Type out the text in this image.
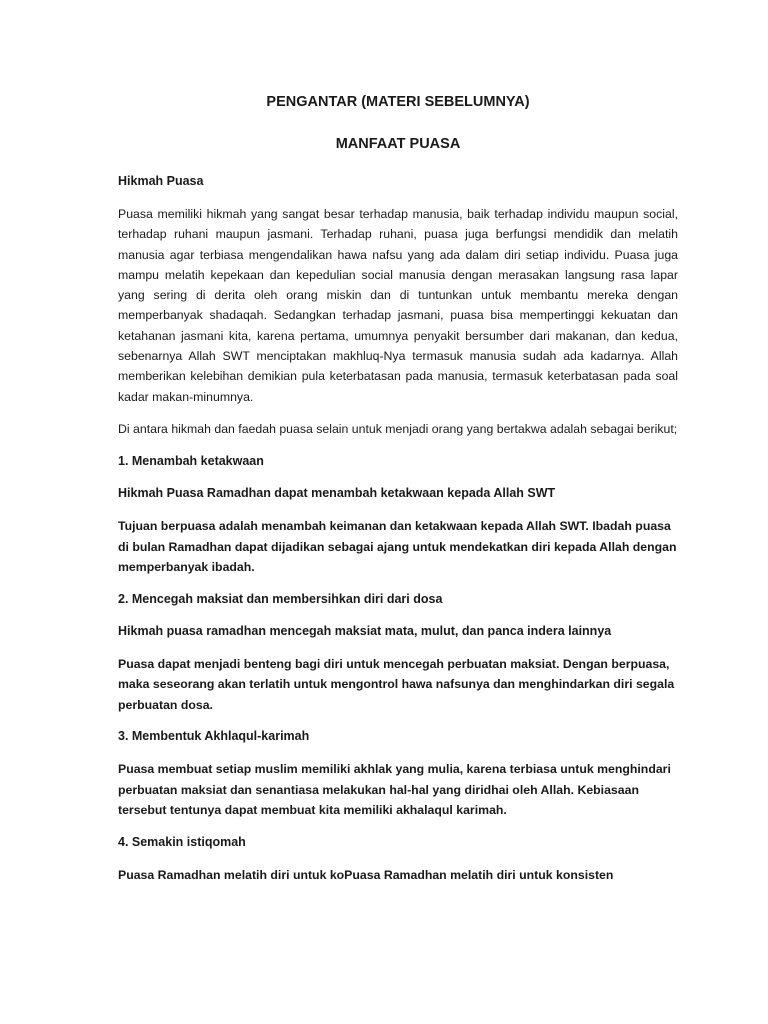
PENGANTAR (MATERI SEBELUMNYA)
MANFAAT PUASA

Hikmah Puasa

Puasa memiliki hikmah yang sangat besar terhadap manusia, baik terhadap individu maupun social, terhadap ruhani maupun jasmani. Terhadap ruhani, puasa juga berfungsi mendidik dan melatih manusia agar terbiasa mengendalikan hawa nafsu yang ada dalam diri setiap individu. Puasa juga mampu melatih kepekaan dan kepedulian social manusia dengan merasakan langsung rasa lapar yang sering di derita oleh orang miskin dan di tuntunkan untuk membantu mereka dengan memperbanyak shadaqah. Sedangkan terhadap jasmani, puasa bisa mempertinggi kekuatan dan ketahanan jasmani kita, karena pertama, umumnya penyakit bersumber dari makanan, dan kedua, sebenarnya Allah SWT menciptakan makhluq-Nya termasuk manusia sudah ada kadarnya. Allah memberikan kelebihan demikian pula keterbatasan pada manusia, termasuk keterbatasan pada soal kadar makan-minumnya.

Di antara hikmah dan faedah puasa selain untuk menjadi orang yang bertakwa adalah sebagai berikut;

1. Menambah ketakwaan

Hikmah Puasa Ramadhan dapat menambah ketakwaan kepada Allah SWT

Tujuan berpuasa adalah menambah keimanan dan ketakwaan kepada Allah SWT. Ibadah puasa di bulan Ramadhan dapat dijadikan sebagai ajang untuk mendekatkan diri kepada Allah dengan memperbanyak ibadah.

2. Mencegah maksiat dan membersihkan diri dari dosa

Hikmah puasa ramadhan mencegah maksiat mata, mulut, dan panca indera lainnya

Puasa dapat menjadi benteng bagi diri untuk mencegah perbuatan maksiat. Dengan berpuasa, maka seseorang akan terlatih untuk mengontrol hawa nafsunya dan menghindarkan diri segala perbuatan dosa.

3. Membentuk Akhlaqul-karimah

Puasa membuat setiap muslim memiliki akhlak yang mulia, karena terbiasa untuk menghindari perbuatan maksiat dan senantiasa melakukan hal-hal yang diridhai oleh Allah. Kebiasaan tersebut tentunya dapat membuat kita memiliki akhalaqul karimah.

4. Semakin istiqomah

Puasa Ramadhan melatih diri untuk koPuasa Ramadhan melatih diri untuk konsisten
